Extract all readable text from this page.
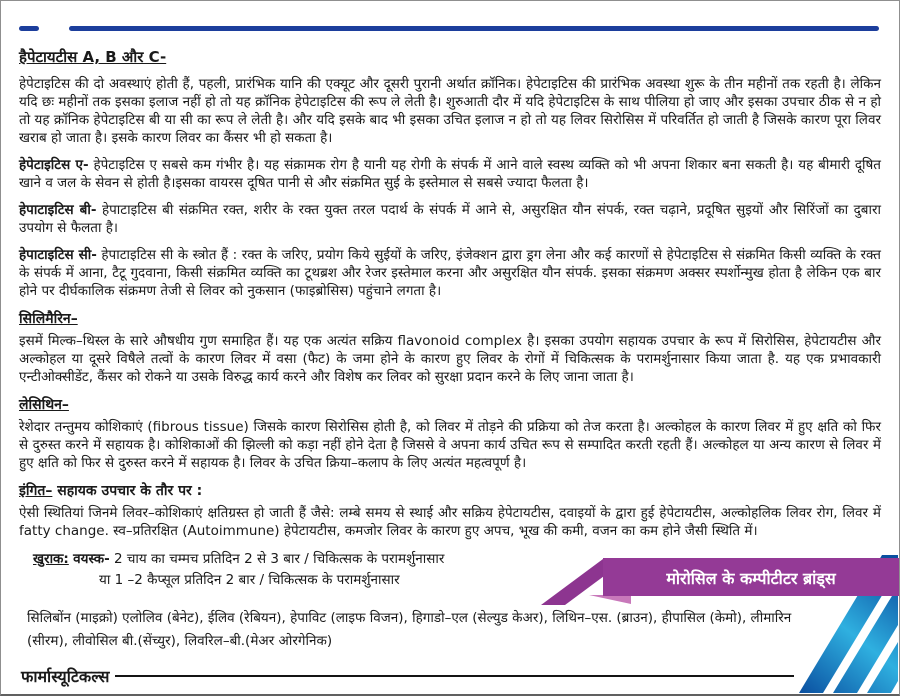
हैपेटायटीस A, B और C-

हेपेटाइटिस की दो अवस्थाएं होती हैं, पहली, प्रारंभिक यानि की एक्यूट और दूसरी पुरानी अर्थात क्रॉनिक। हेपेटाइटिस की प्रारंभिक अवस्था शुरू के तीन महीनों तक रहती है। लेकिन यदि छः महीनों तक इसका इलाज नहीं हो तो यह क्रॉनिक हेपेटाइटिस की रूप ले लेती है। शुरुआती दौर में यदि हेपेटाइटिस के साथ पीलिया हो जाए और इसका उपचार ठीक से न हो तो यह क्रॉनिक हेपेटाइटिस बी या सी का रूप ले लेती है। और यदि इसके बाद भी इसका उचित इलाज न हो तो यह लिवर सिरोसिस में परिवर्तित हो जाती है जिसके कारण पूरा लिवर खराब हो जाता है। इसके कारण लिवर का कैंसर भी हो सकता है।

हेपेटाइटिस ए- हेपेटाइटिस ए सबसे कम गंभीर है। यह संक्रामक रोग है यानी यह रोगी के संपर्क में आने वाले स्वस्थ व्यक्ति को भी अपना शिकार बना सकती है। यह बीमारी दूषित खाने व जल के सेवन से होती है।इसका वायरस दूषित पानी से और संक्रमित सुई के इस्तेमाल से सबसे ज्यादा फैलता है।

हेपाटाइटिस बी- हेपाटाइटिस बी संक्रमित रक्त, शरीर के रक्त युक्त तरल पदार्थ के संपर्क में आने से, असुरक्षित यौन संपर्क, रक्त चढ़ाने, प्रदूषित सुइयों और सिरिंजों का दुबारा उपयोग से फैलता है।

हेपाटाइटिस सी- हेपाटाइटिस सी के स्त्रोत हैं : रक्त के जरिए, प्रयोग किये सुईयों के जरिए, इंजेक्शन द्वारा ड्रग लेना और कई कारणों से हेपेटाइटिस से संक्रमित किसी व्यक्ति के रक्त के संपर्क में आना, टैटू गुदवाना, किसी संक्रमित व्यक्ति का टूथब्रश और रेजर इस्तेमाल करना और असुरक्षित यौन संपर्क. इसका संक्रमण अक्सर स्पर्शोन्मुख होता है लेकिन एक बार होने पर दीर्घकालिक संक्रमण तेजी से लिवर को नुकसान (फाइब्रोसिस) पहुंचाने लगता है।

सिलिमैरिन–

इसमें मिल्क–थिस्ल के सारे औषधीय गुण समाहित हैं। यह एक अत्यंत सक्रिय flavonoid complex है। इसका उपयोग सहायक उपचार के रूप में सिरोसिस, हेपेटायटीस और अल्कोहल या दूसरे विषैले तत्वों के कारण लिवर में वसा (फैट) के जमा होने के कारण हुए लिवर के रोगों में चिकित्सक के परामर्शुनासार किया जाता है. यह एक प्रभावकारी एन्टीओक्सीडेंट, कैंसर को रोकने या उसके विरुद्ध कार्य करने और विशेष कर लिवर को सुरक्षा प्रदान करने के लिए जाना जाता है।

लेसिथिन–

रेशेदार तन्तुमय कोशिकाएं (fibrous tissue) जिसके कारण सिरोसिस होती है, को लिवर में तोड़ने की प्रक्रिया को तेज करता है। अल्कोहल के कारण लिवर में हुए क्षति को फिर से दुरुस्त करने में सहायक है। कोशिकाओं की झिल्ली को कड़ा नहीं होने देता है जिससे वे अपना कार्य उचित रूप से सम्पादित करती रहती हैं। अल्कोहल या अन्य कारण से लिवर में हुए क्षति को फिर से दुरुस्त करने में सहायक है। लिवर के उचित क्रिया–कलाप के लिए अत्यंत महत्वपूर्ण है।

इंगित– सहायक उपचार के तौर पर :

ऐसी स्थितियां जिनमे लिवर–कोशिकाएं क्षतिग्रस्त हो जाती हैं जैसे: लम्बे समय से स्थाई और सक्रिय हेपेटायटीस, दवाइयों के द्वारा हुई हेपेटायटीस, अल्कोहलिक लिवर रोग, लिवर में fatty change. स्व–प्रतिरक्षित (Autoimmune) हेपेटायटीस, कमजोर लिवर के कारण हुए अपच, भूख की कमी, वजन का कम होने जैसी स्थिति में।

खुराक: वयस्क- 2 चाय का चम्मच प्रतिदिन 2 से 3 बार / चिकित्सक के परामर्शुनासार
या 1 –2 कैप्सूल प्रतिदिन 2 बार / चिकित्सक के परामर्शुनासार

सिलिबोंन (माइक्रो) एलोलिव (बेनेट), ईलिव (रेबियन), हेपाविट (लाइफ विजन), हिगाडो–एल (सेल्युड केअर), लिथिन–एस. (ब्राउन), हीपासिल (केमो), लीमारिन (सीरम), लीवोसिल बी.(सेंच्युर), लिवरिल–बी.(मेअर ओरगेनिक)

मोरोसिल के कम्पीटीटर ब्रांड्स
फार्मास्यूटिकल्स
